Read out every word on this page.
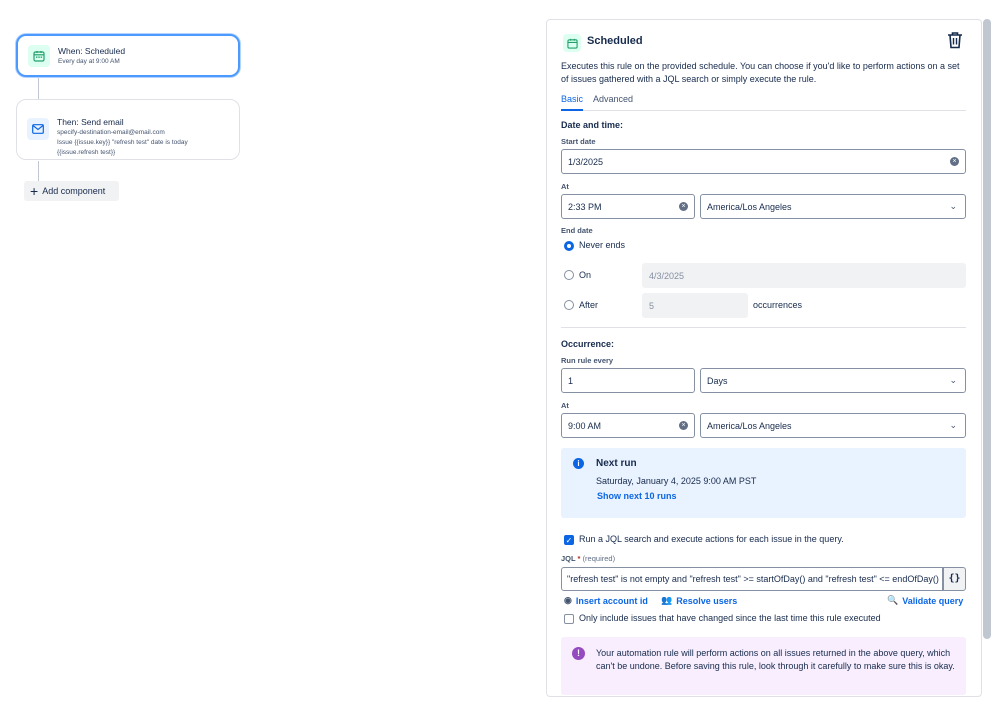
When: Scheduled
Every day at 9:00 AM
Then: Send email
specify-destination-email@email.com
Issue {{issue.key}} "refresh test" date is today
{{issue.refresh test}}
+ Add component
Scheduled
Executes this rule on the provided schedule. You can choose if you'd like to perform actions on a set of issues gathered with a JQL search or simply execute the rule.
Basic Advanced
Date and time:
Start date
1/3/2025	×
At
2:33 PM	× America/Los Angeles	⌄
End date
Never ends
On	4/3/2025
After	5	occurrences
Occurrence:
Run rule every
1	Days	⌄
At
9:00 AM	× America/Los Angeles	⌄
i	Next run
Saturday, January 4, 2025 9:00 AM PST
Show next 10 runs
✓ Run a JQL search and execute actions for each issue in the query.
JQL * (required)
"refresh test" is not empty and "refresh test" >= startOfDay() and "refresh test" <= endOfDay() {}
◉ Insert account id 👥 Resolve users	🔍 Validate query
Only include issues that have changed since the last time this rule executed
!	Your automation rule will perform actions on all issues returned in the above query, which can't be undone. Before saving this rule, look through it carefully to make sure this is okay.
